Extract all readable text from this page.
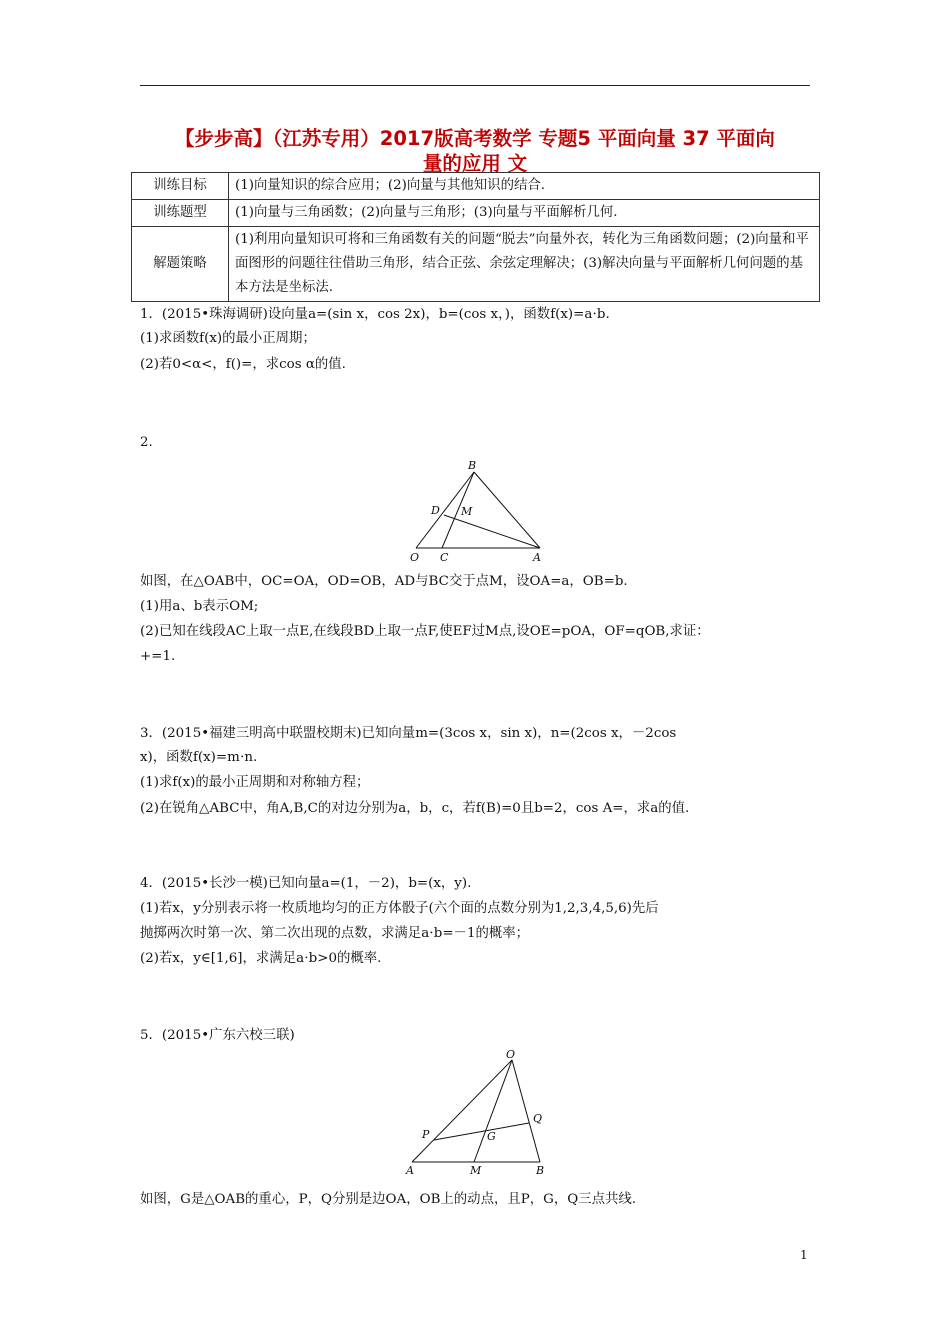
【步步高】（江苏专用）2017版高考数学 专题5 平面向量 37 平面向
量的应用 文
训练目标	(1)向量知识的综合应用；(2)向量与其他知识的结合.
训练题型	(1)向量与三角函数；(2)向量与三角形；(3)向量与平面解析几何.
解题策略	(1)利用向量知识可将和三角函数有关的问题“脱去”向量外衣，转化为三角函数问题；(2)向量和平面图形的问题往往借助三角形，结合正弦、余弦定理解决；(3)解决向量与平面解析几何问题的基本方法是坐标法.
1．(2015•珠海调研)设向量a=(sin x，cos 2x)，b=(cos x，)，函数f(x)=a⋅b.
(1)求函数f(x)的最小正周期；
(2)若0<α<，f()=，求cos α的值.
2.
B
D M
O C	A
如图，在△OAB中，OC=OA，OD=OB，AD与BC交于点M，设OA=a，OB=b.
(1)用a、b表示OM;
(2)已知在线段AC上取一点E,在线段BD上取一点F,使EF过M点,设OE=pOA，OF=qOB,求证：
+=1.
3．(2015•福建三明高中联盟校期末)已知向量m=(3cos x，sin x)，n=(2cos x，－2cos
x)，函数f(x)=m⋅n.
(1)求f(x)的最小正周期和对称轴方程；
(2)在锐角△ABC中，角A,B,C的对边分别为a，b，c，若f(B)=0且b=2，cos A=，求a的值.
4．(2015•长沙一模)已知向量a=(1，－2)，b=(x，y).
(1)若x，y分别表示将一枚质地均匀的正方体骰子(六个面的点数分别为1,2,3,4,5,6)先后
抛掷两次时第一次、第二次出现的点数，求满足a⋅b=－1的概率；
(2)若x，y∈[1,6]，求满足a⋅b>0的概率.
5．(2015•广东六校三联)
O
Q
P	G
A	M	B
如图，G是△OAB的重心，P，Q分别是边OA，OB上的动点，且P，G，Q三点共线.
1
